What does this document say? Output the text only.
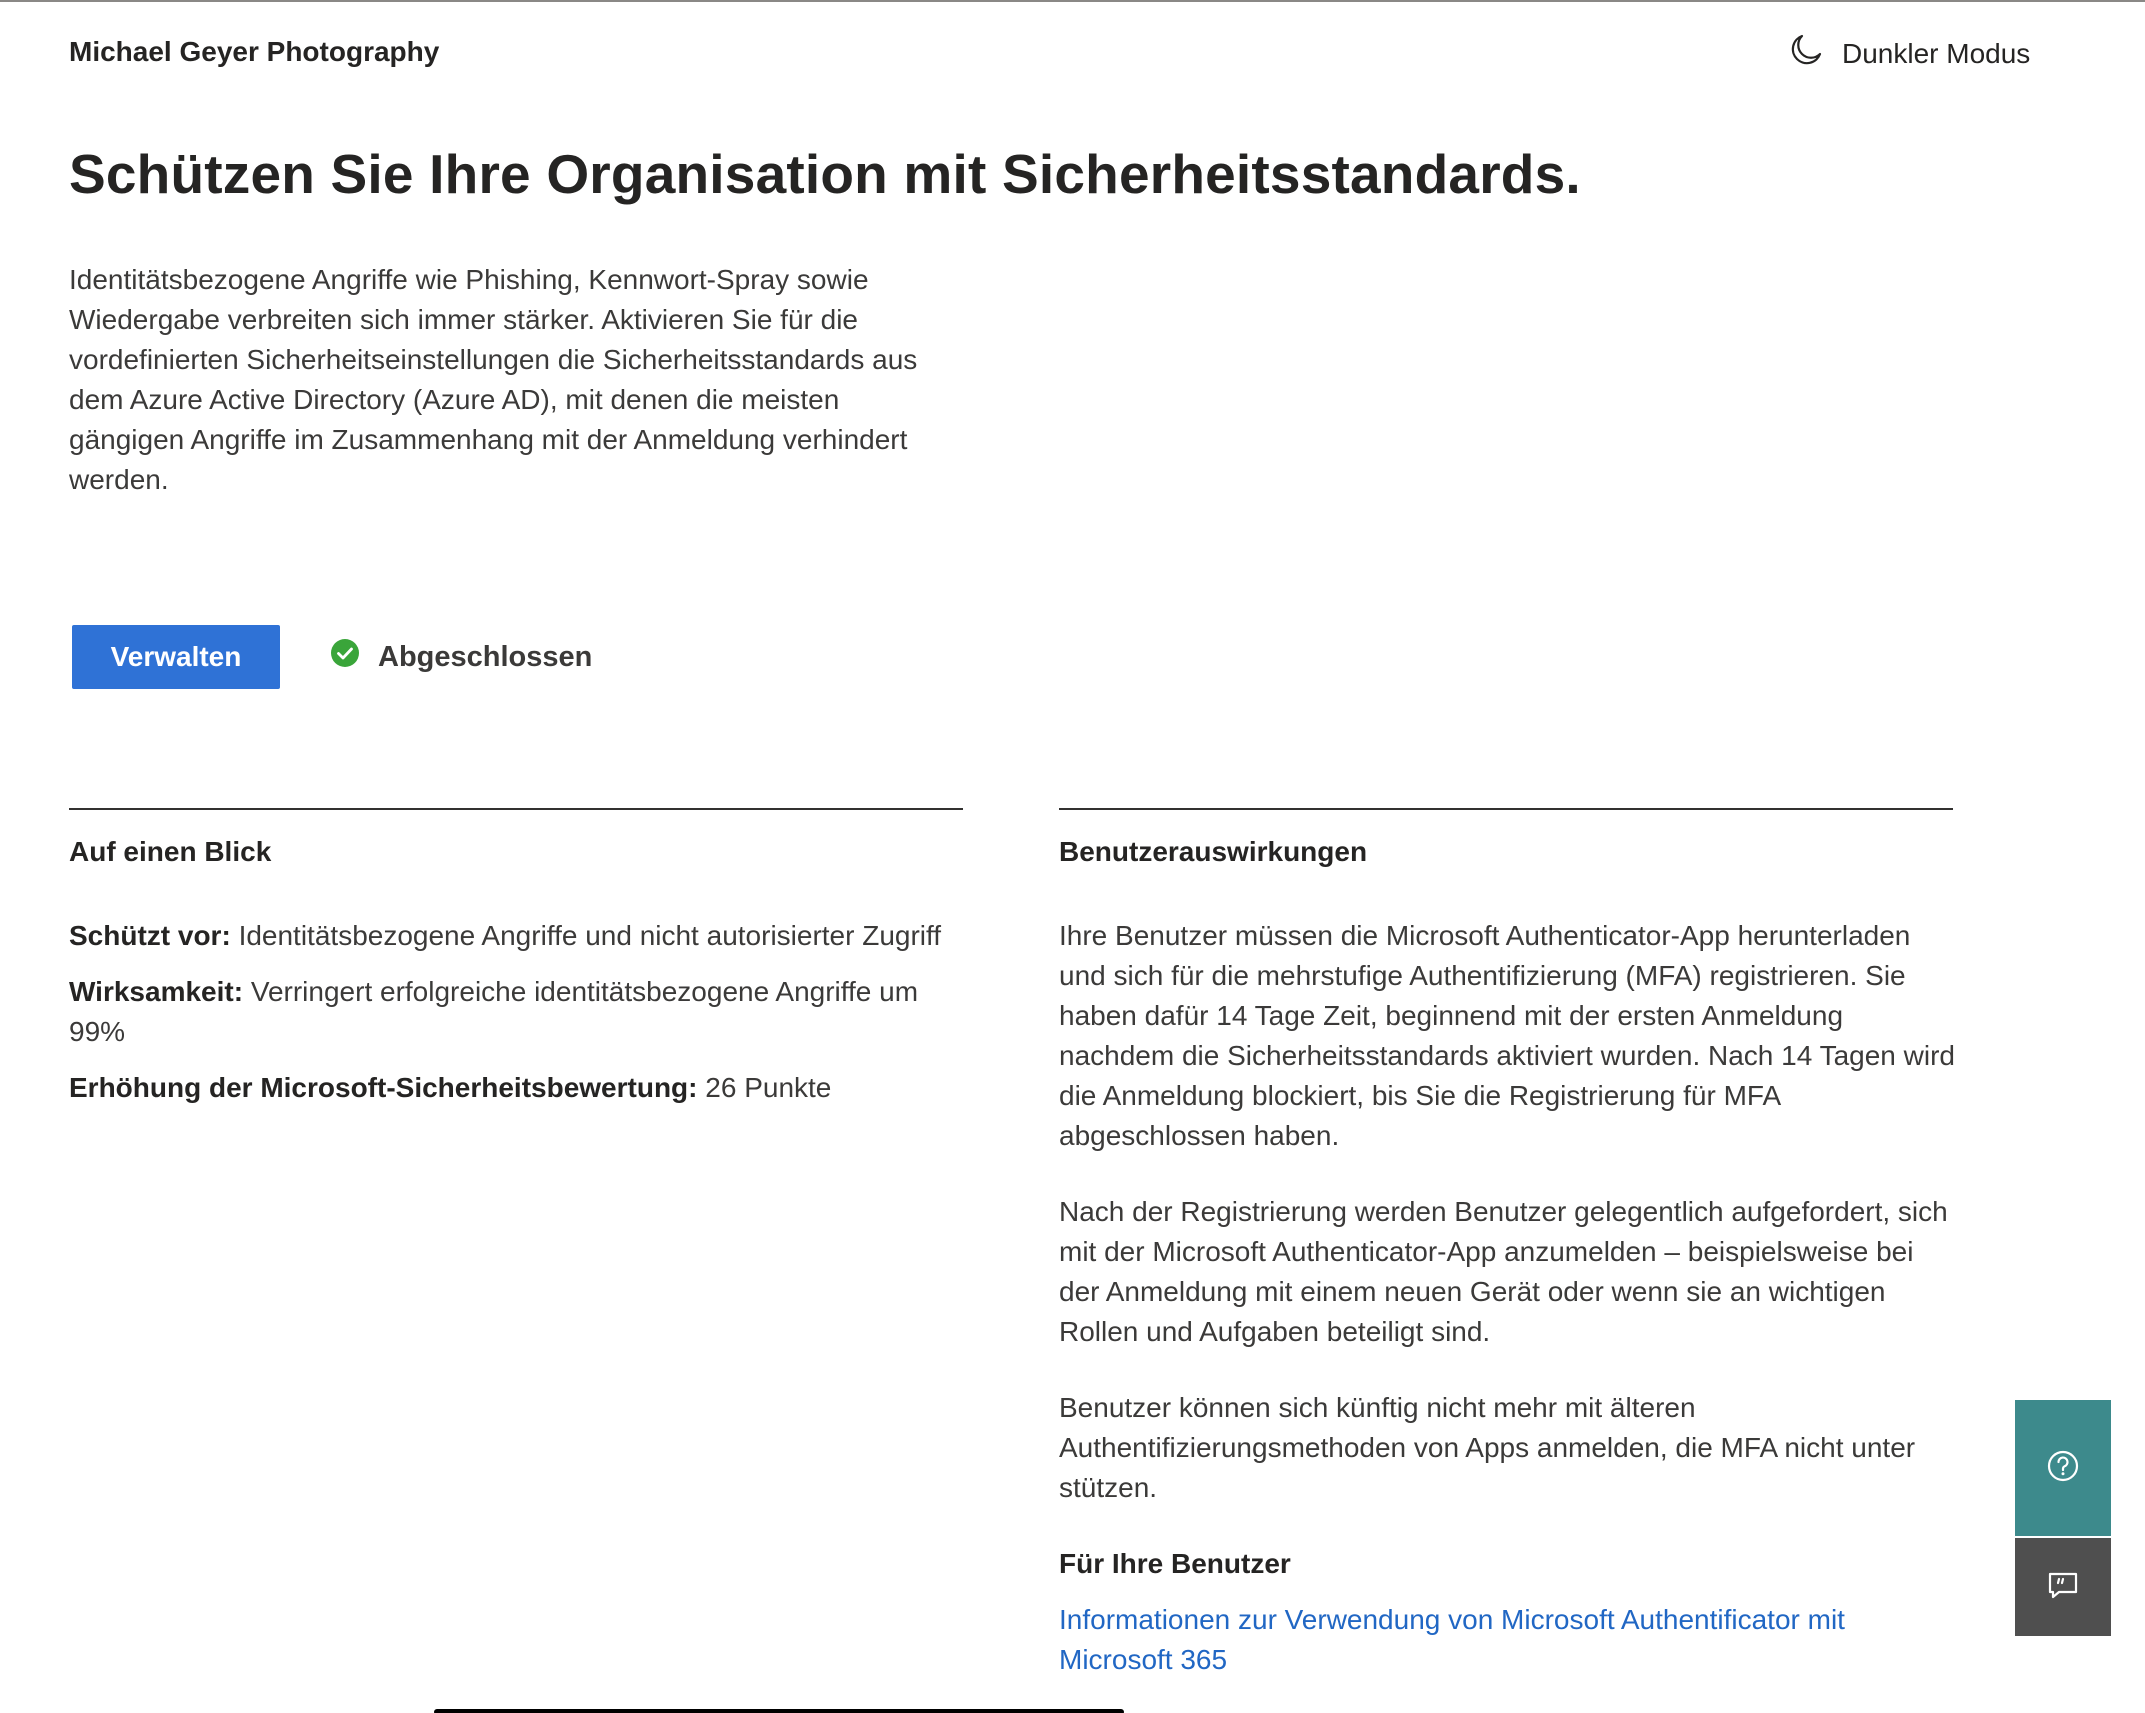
Michael Geyer Photography	Dunkler Modus
Schützen Sie Ihre Organisation mit Sicherheitsstandards.

Identitätsbezogene Angriffe wie Phishing, Kennwort-Spray sowie Wiedergabe verbreiten sich immer stärker. Aktivieren Sie für die vordefinierten Sicherheitseinstellungen die Sicherheitsstandards aus dem Azure Active Directory (Azure AD), mit denen die meisten gängigen Angriffe im Zusammenhang mit der Anmeldung verhindert werden.

Verwalten	Abgeschlossen
Auf einen Blick	Benutzerauswirkungen

Schützt vor: Identitätsbezogene Angriffe und nicht autorisierter Zugriff

Wirksamkeit: Verringert erfolgreiche identitätsbezogene Angriffe um 99%

Erhöhung der Microsoft-Sicherheitsbewertung: 26 Punkte

Ihre Benutzer müssen die Microsoft Authenticator-App herunterladen und sich für die mehrstufige Authentifizierung (MFA) registrieren. Sie haben dafür 14 Tage Zeit, beginnend mit der ersten Anmeldung nachdem die Sicherheitsstandards aktiviert wurden. Nach 14 Tagen wird die Anmeldung blockiert, bis Sie die Registrierung für MFA abgeschlossen haben.

Nach der Registrierung werden Benutzer gelegentlich aufgefordert, sich mit der Microsoft Authenticator-App anzumelden – beispielsweise bei der Anmeldung mit einem neuen Gerät oder wenn sie an wichtigen Rollen und Aufgaben beteiligt sind.

Benutzer können sich künftig nicht mehr mit älteren Authentifizierungsmethoden von Apps anmelden, die MFA nicht unter stützen.

Für Ihre Benutzer
Informationen zur Verwendung von Microsoft Authentificator mit Microsoft 365
